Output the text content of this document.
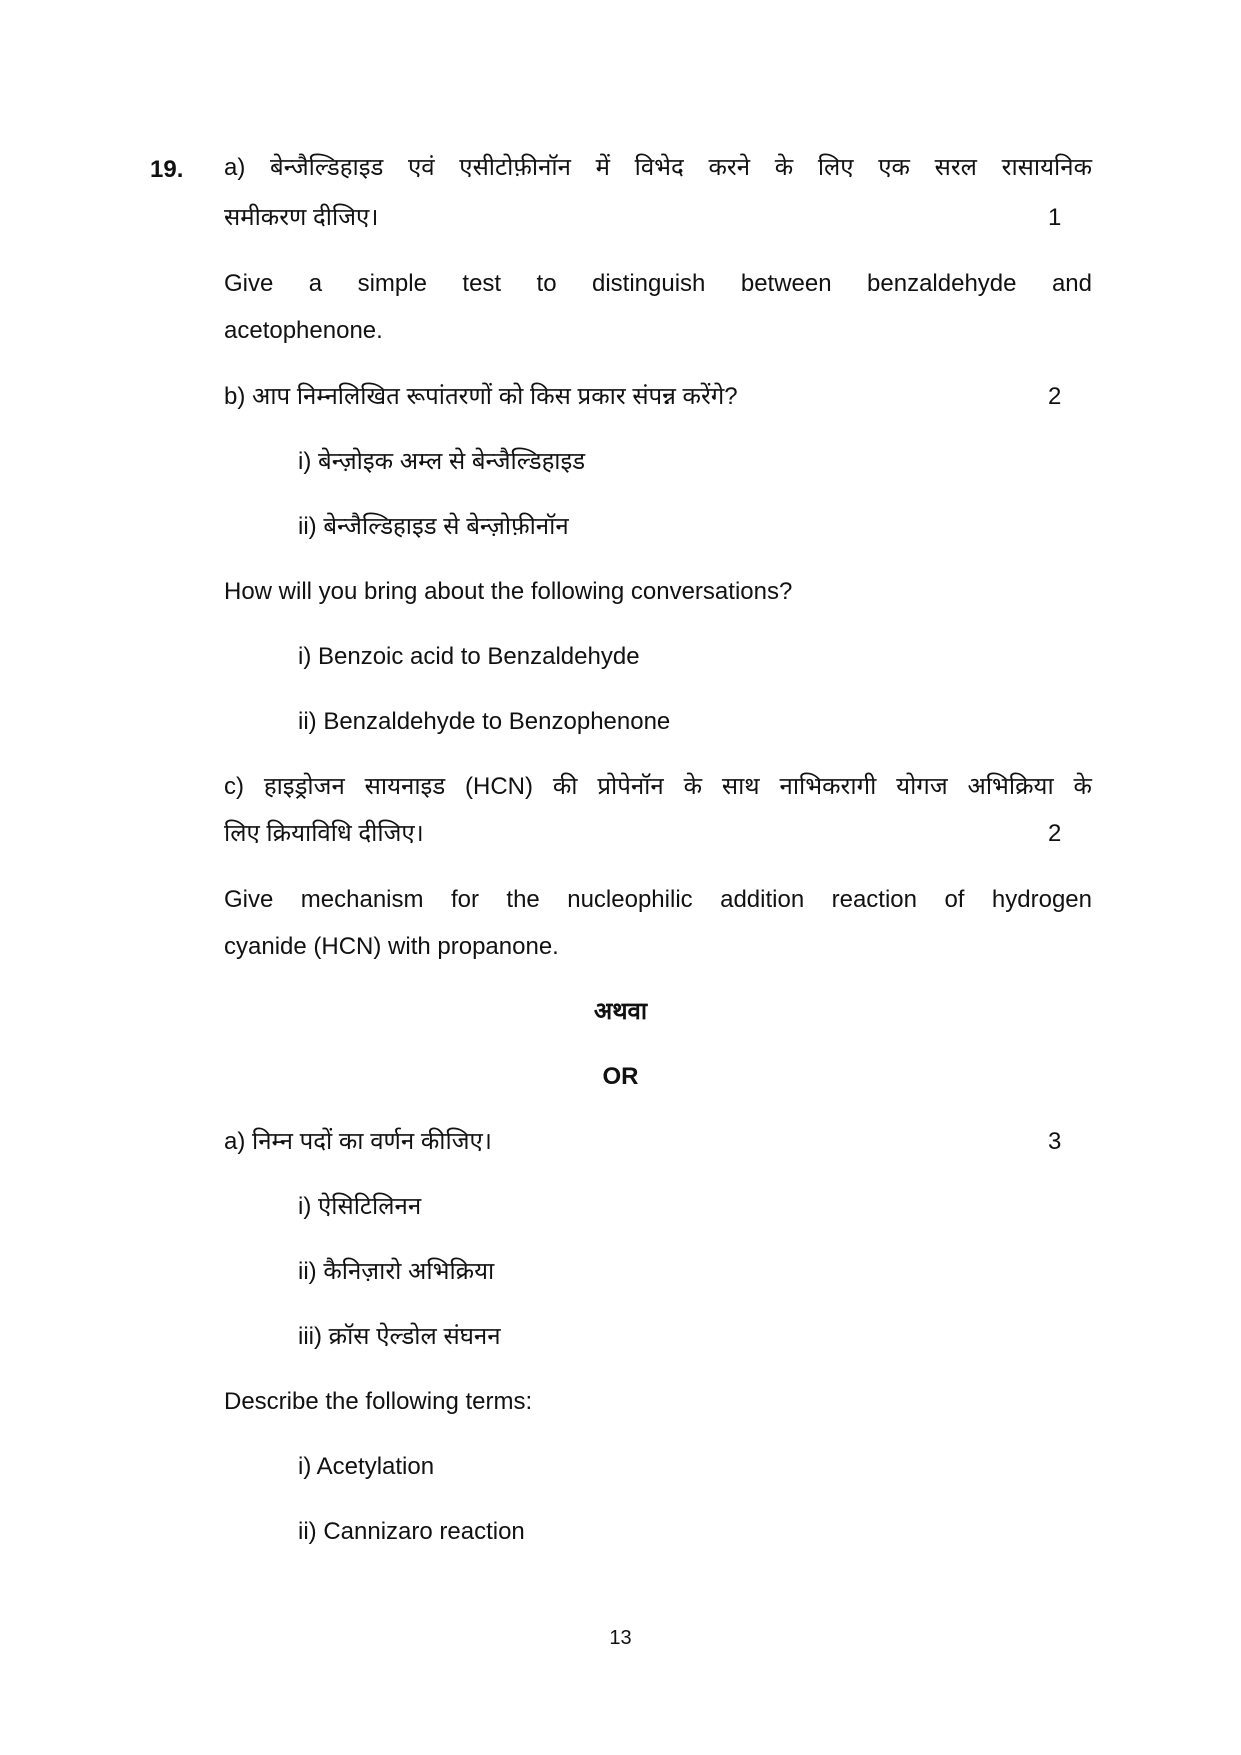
19. a) बेन्जैल्डिहाइड एवं एसीटोफ़ीनॉन में विभेद करने के लिए एक सरल रासायनिक
समीकरण दीजिए।	1
Give a simple test to distinguish between benzaldehyde and
acetophenone.
b) आप निम्नलिखित रूपांतरणों को किस प्रकार संपन्न करेंगे?	2
i) बेन्ज़ोइक अम्ल से बेन्जैल्डिहाइड
ii) बेन्जैल्डिहाइड से बेन्ज़ोफ़ीनॉन
How will you bring about the following conversations?
i) Benzoic acid to Benzaldehyde
ii) Benzaldehyde to Benzophenone
c) हाइड्रोजन सायनाइड (HCN) की प्रोपेनॉन के साथ नाभिकरागी योगज अभिक्रिया के
लिए क्रियाविधि दीजिए।	2
Give mechanism for the nucleophilic addition reaction of hydrogen
cyanide (HCN) with propanone.
अथवा
OR
a) निम्न पदों का वर्णन कीजिए।	3
i) ऐसिटिलिनन
ii) कैनिज़ारो अभिक्रिया
iii) क्रॉस ऐल्डोल संघनन
Describe the following terms:
i) Acetylation
ii) Cannizaro reaction
13
